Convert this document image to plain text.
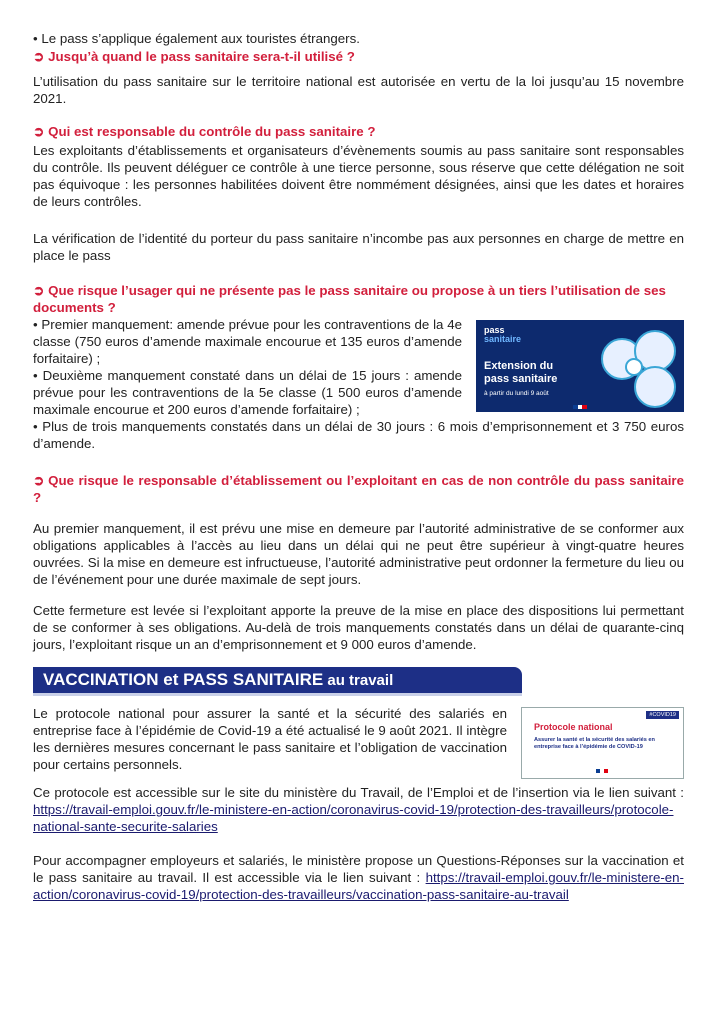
• Le pass s’applique également aux touristes étrangers.

➲ Jusqu’à quand le pass sanitaire sera-t-il utilisé ?

L’utilisation du pass sanitaire sur le territoire national est autorisée en vertu de la loi jusqu’au 15 novembre 2021.

➲ Qui est responsable du contrôle du pass sanitaire ?

Les exploitants d’établissements et organisateurs d’évènements soumis au pass sanitaire sont responsables du contrôle. Ils peuvent déléguer ce contrôle à une tierce personne, sous réserve que cette délégation ne soit pas équivoque : les personnes habilitées doivent être nommément désignées, ainsi que les dates et horaires de leurs contrôles.

La vérification de l’identité du porteur du pass sanitaire n’incombe pas aux personnes en charge de mettre en place le pass

➲ Que risque l’usager qui ne présente pas le pass sanitaire ou propose à un tiers l’utilisation de ses documents ?
pass
sanitaire
Extension du
pass sanitaire
à partir du lundi 9 août

• Premier manquement: amende prévue pour les contraventions de la 4e classe (750 euros d’amende maximale encourue et 135 euros d’amende forfaitaire) ;

• Deuxième manquement constaté dans un délai de 15 jours : amende prévue pour les contraventions de la 5e classe (1 500 euros d’amende maximale encourue et 200 euros d’amende forfaitaire) ;

• Plus de trois manquements constatés dans un délai de 30 jours : 6 mois d’emprisonnement et 3 750 euros d’amende.

➲ Que risque le responsable d’établissement ou l’exploitant en cas de non contrôle du pass sanitaire ?

Au premier manquement, il est prévu une mise en demeure par l’autorité administrative de se conformer aux obligations applicables à l’accès au lieu dans un délai qui ne peut être supérieur à vingt-quatre heures ouvrées. Si la mise en demeure est infructueuse, l’autorité administrative peut ordonner la fermeture du lieu ou de l’événement pour une durée maximale de sept jours.

Cette fermeture est levée si l’exploitant apporte la preuve de la mise en place des dispositions lui permettant de se conformer à ses obligations. Au-delà de trois manquements constatés dans un délai de quarante-cinq jours, l’exploitant risque un an d’emprisonnement et 9 000 euros d’amende.

VACCINATION et PASS SANITAIRE au travail
#COVID19
Protocole national
Assurer la santé et la sécurité des salariés en entreprise face à l’épidémie de COVID-19

Le protocole national pour assurer la santé et la sécurité des salariés en entreprise face à l’épidémie de Covid-19 a été actualisé le 9 août 2021. Il intègre les dernières mesures concernant le pass sanitaire et l’obligation de vaccination pour certains personnels.

Ce protocole est accessible sur le site du ministère du Travail, de l’Emploi et de l’insertion via le lien suivant : https://travail-emploi.gouv.fr/le-ministere-en-action/coronavirus-covid-19/protection-des-travailleurs/protocole-national-sante-securite-salaries

Pour accompagner employeurs et salariés, le ministère propose un Questions-Réponses sur la vaccination et le pass sanitaire au travail. Il est accessible via le lien suivant : https://travail-emploi.gouv.fr/le-ministere-en-action/coronavirus-covid-19/protection-des-travailleurs/vaccination-pass-sanitaire-au-travail
